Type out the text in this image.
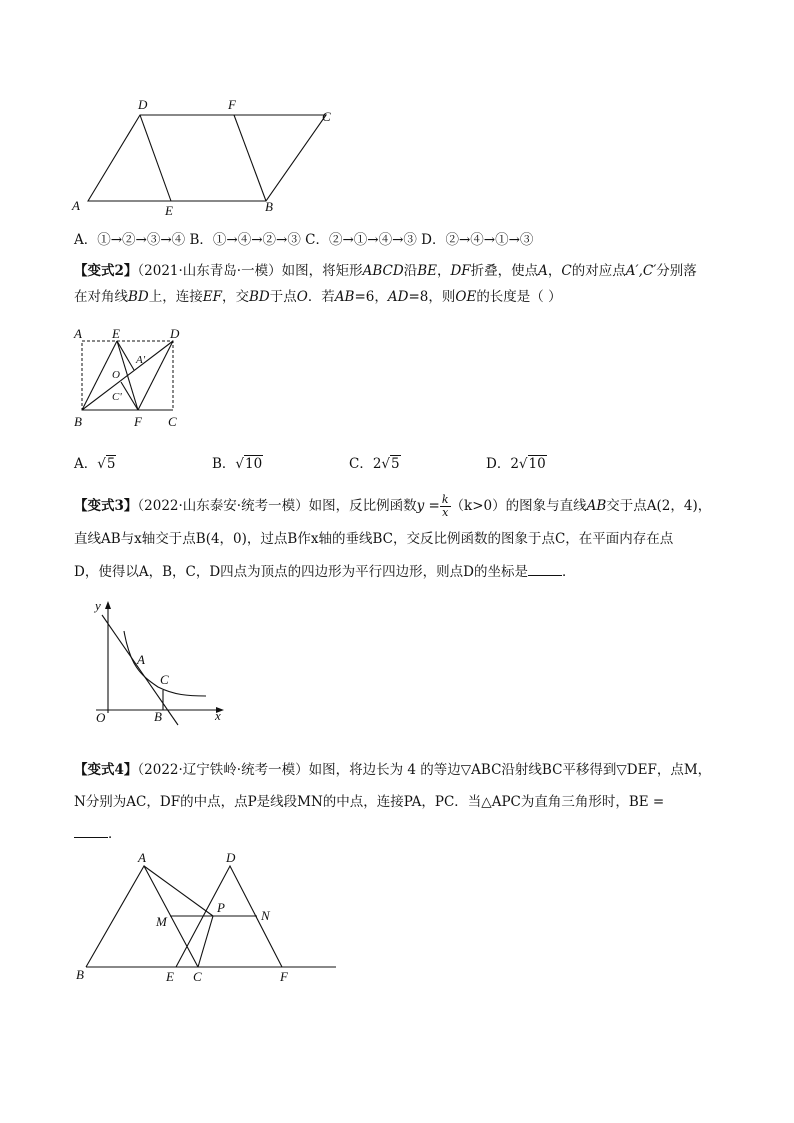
D	F
C
A	E	B
A．①→②→③→④ B．①→④→②→③ C．②→①→④→③ D．②→④→①→③
【变式2】（2021·山东青岛·一模）如图，将矩形ABCD沿BE，DF折叠，使点A，C的对应点A′,C′分别落
在对角线BD上，连接EF，交BD于点O．若AB=6，AD=8，则OE的长度是（ ）
A E	D
A'
O
C'
B	F C
A．√5	B．√10	C．2√5	D．2√10
【变式3】（2022·山东泰安·统考一模）如图，反比例函数$y = \frac{k}{x} (k>0)$的图象与直线AB交于点A(2，4)，
直线AB与x轴交于点B(4，0)，过点B作x轴的垂线BC，交反比例函数的图象于点C，在平面内存在点
D，使得以A，B，C，D四点为顶点的四边形为平行四边形，则点D的坐标是	．
y
A
C
O	B	x
【变式4】（2022·辽宁铁岭·统考一模）如图，将边长为 4 的等边▽ABC沿射线BC平移得到▽DEF，点M，
N分别为AC，DF的中点，点P是线段MN的中点，连接PA，PC．当△APC为直角三角形时，BE =
．
A	D
P
N
M
B	E C	F
